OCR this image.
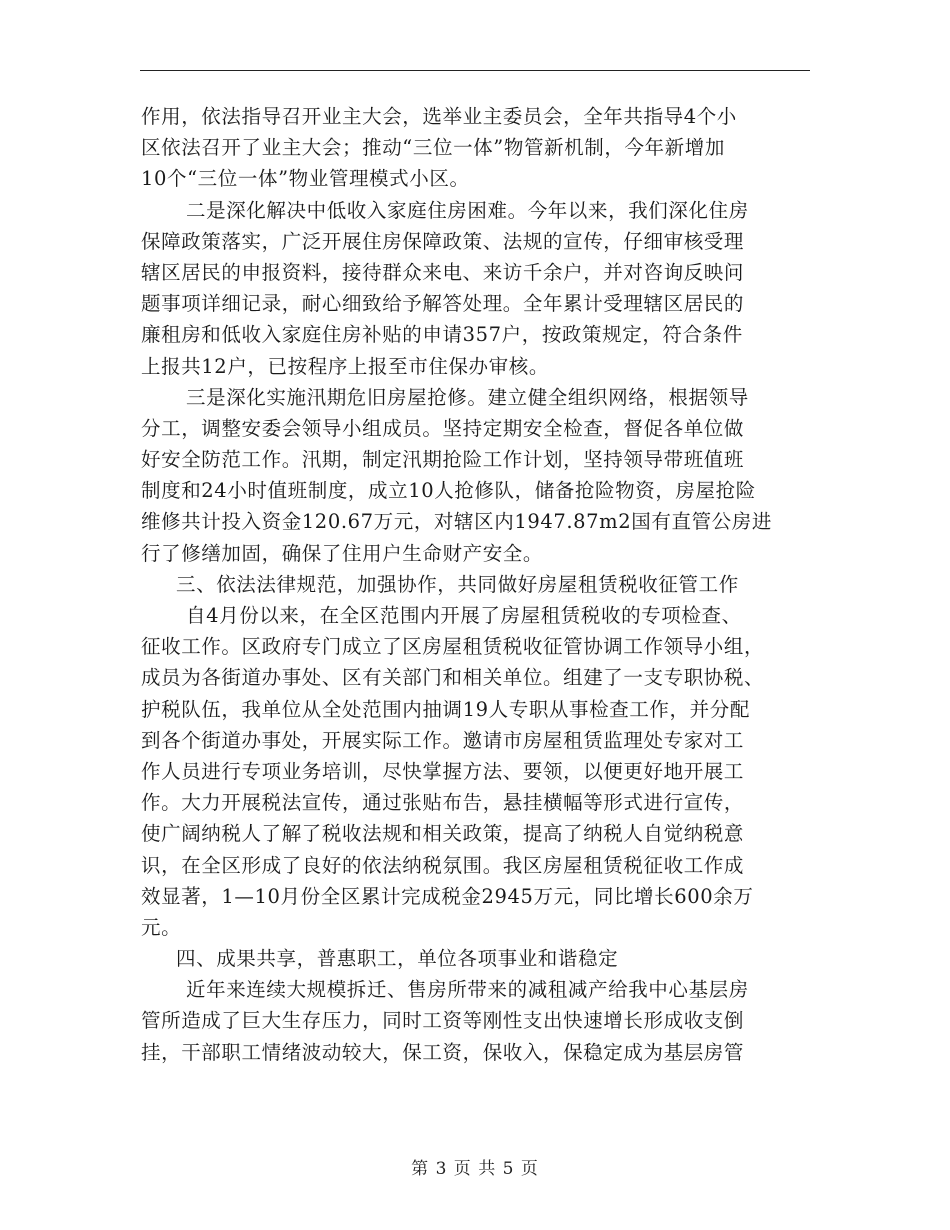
作用，依法指导召开业主大会，选举业主委员会，全年共指导4个小
区依法召开了业主大会；推动“三位一体”物管新机制，今年新增加
10个“三位一体”物业管理模式小区。
二是深化解决中低收入家庭住房困难。今年以来，我们深化住房
保障政策落实，广泛开展住房保障政策、法规的宣传，仔细审核受理
辖区居民的申报资料，接待群众来电、来访千余户，并对咨询反映问
题事项详细记录，耐心细致给予解答处理。全年累计受理辖区居民的
廉租房和低收入家庭住房补贴的申请357户，按政策规定，符合条件
上报共12户，已按程序上报至市住保办审核。
三是深化实施汛期危旧房屋抢修。建立健全组织网络，根据领导
分工，调整安委会领导小组成员。坚持定期安全检查，督促各单位做
好安全防范工作。汛期，制定汛期抢险工作计划，坚持领导带班值班
制度和24小时值班制度，成立10人抢修队，储备抢险物资，房屋抢险
维修共计投入资金120.67万元，对辖区内1947.87m2国有直管公房进
行了修缮加固，确保了住用户生命财产安全。
三、依法法律规范，加强协作，共同做好房屋租赁税收征管工作
自4月份以来，在全区范围内开展了房屋租赁税收的专项检查、
征收工作。区政府专门成立了区房屋租赁税收征管协调工作领导小组，
成员为各街道办事处、区有关部门和相关单位。组建了一支专职协税、
护税队伍，我单位从全处范围内抽调19人专职从事检查工作，并分配
到各个街道办事处，开展实际工作。邀请市房屋租赁监理处专家对工
作人员进行专项业务培训，尽快掌握方法、要领，以便更好地开展工
作。大力开展税法宣传，通过张贴布告，悬挂横幅等形式进行宣传，
使广阔纳税人了解了税收法规和相关政策，提高了纳税人自觉纳税意
识，在全区形成了良好的依法纳税氛围。我区房屋租赁税征收工作成
效显著，1—10月份全区累计完成税金2945万元，同比增长600余万
元。
四、成果共享，普惠职工，单位各项事业和谐稳定
近年来连续大规模拆迁、售房所带来的减租减产给我中心基层房
管所造成了巨大生存压力，同时工资等刚性支出快速增长形成收支倒
挂，干部职工情绪波动较大，保工资，保收入，保稳定成为基层房管
第 3 页 共 5 页
